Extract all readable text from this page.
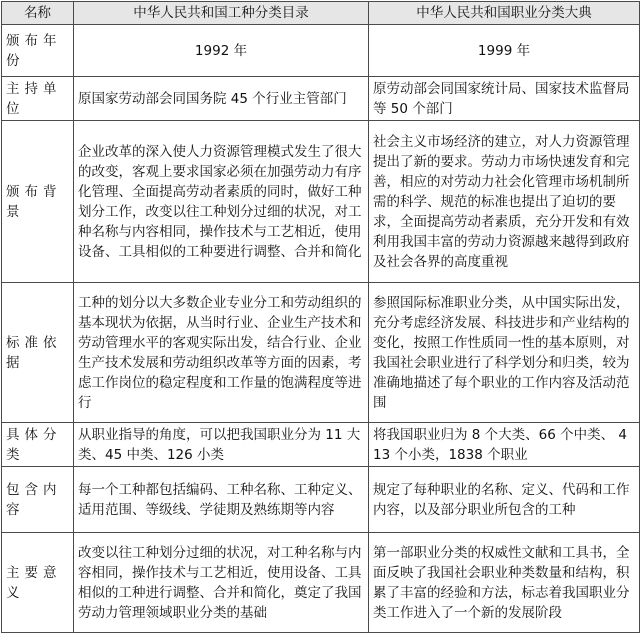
名称	中华人民共和国工种分类目录	中华人民共和国职业分类大典
颁布年份	1992 年	1999 年
主持单位	原国家劳动部会同国务院 45 个行业主管部门	原劳动部会同国家统计局、国家技术监督局等 50 个部门
颁布背景	企业改革的深入使人力资源管理模式发生了很大的改变，客观上要求国家必须在加强劳动力有序化管理、全面提高劳动者素质的同时，做好工种划分工作，改变以往工种划分过细的状况，对工种名称与内容相同，操作技术与工艺相近，使用设备、工具相似的工种要进行调整、合并和简化	社会主义市场经济的建立，对人力资源管理提出了新的要求。劳动力市场快速发育和完善，相应的对劳动力社会化管理市场机制所需的科学、规范的标准也提出了迫切的要求，全面提高劳动者素质，充分开发和有效利用我国丰富的劳动力资源越来越得到政府及社会各界的高度重视
标准依据	工种的划分以大多数企业专业分工和劳动组织的基本现状为依据，从当时行业、企业生产技术和劳动管理水平的客观实际出发，结合行业、企业生产技术发展和劳动组织改革等方面的因素，考虑工作岗位的稳定程度和工作量的饱满程度等进行	参照国际标准职业分类，从中国实际出发，充分考虑经济发展、科技进步和产业结构的变化，按照工作性质同一性的基本原则，对我国社会职业进行了科学划分和归类，较为准确地描述了每个职业的工作内容及活动范围
具体分类	从职业指导的角度，可以把我国职业分为 11 大类、45 中类、126 小类	将我国职业归为 8 个大类、66 个中类、 413 个小类，1838 个职业
包含内容	每一个工种都包括编码、工种名称、工种定义、适用范围、等级线、学徒期及熟练期等内容	规定了每种职业的名称、定义、代码和工作内容，以及部分职业所包含的工种
主要意义	改变以往工种划分过细的状况，对工种名称与内容相同，操作技术与工艺相近，使用设备、工具相似的工种进行调整、合并和简化，奠定了我国劳动力管理领域职业分类的基础	第一部职业分类的权威性文献和工具书，全面反映了我国社会职业种类数量和结构，积累了丰富的经验和方法，标志着我国职业分类工作进入了一个新的发展阶段
